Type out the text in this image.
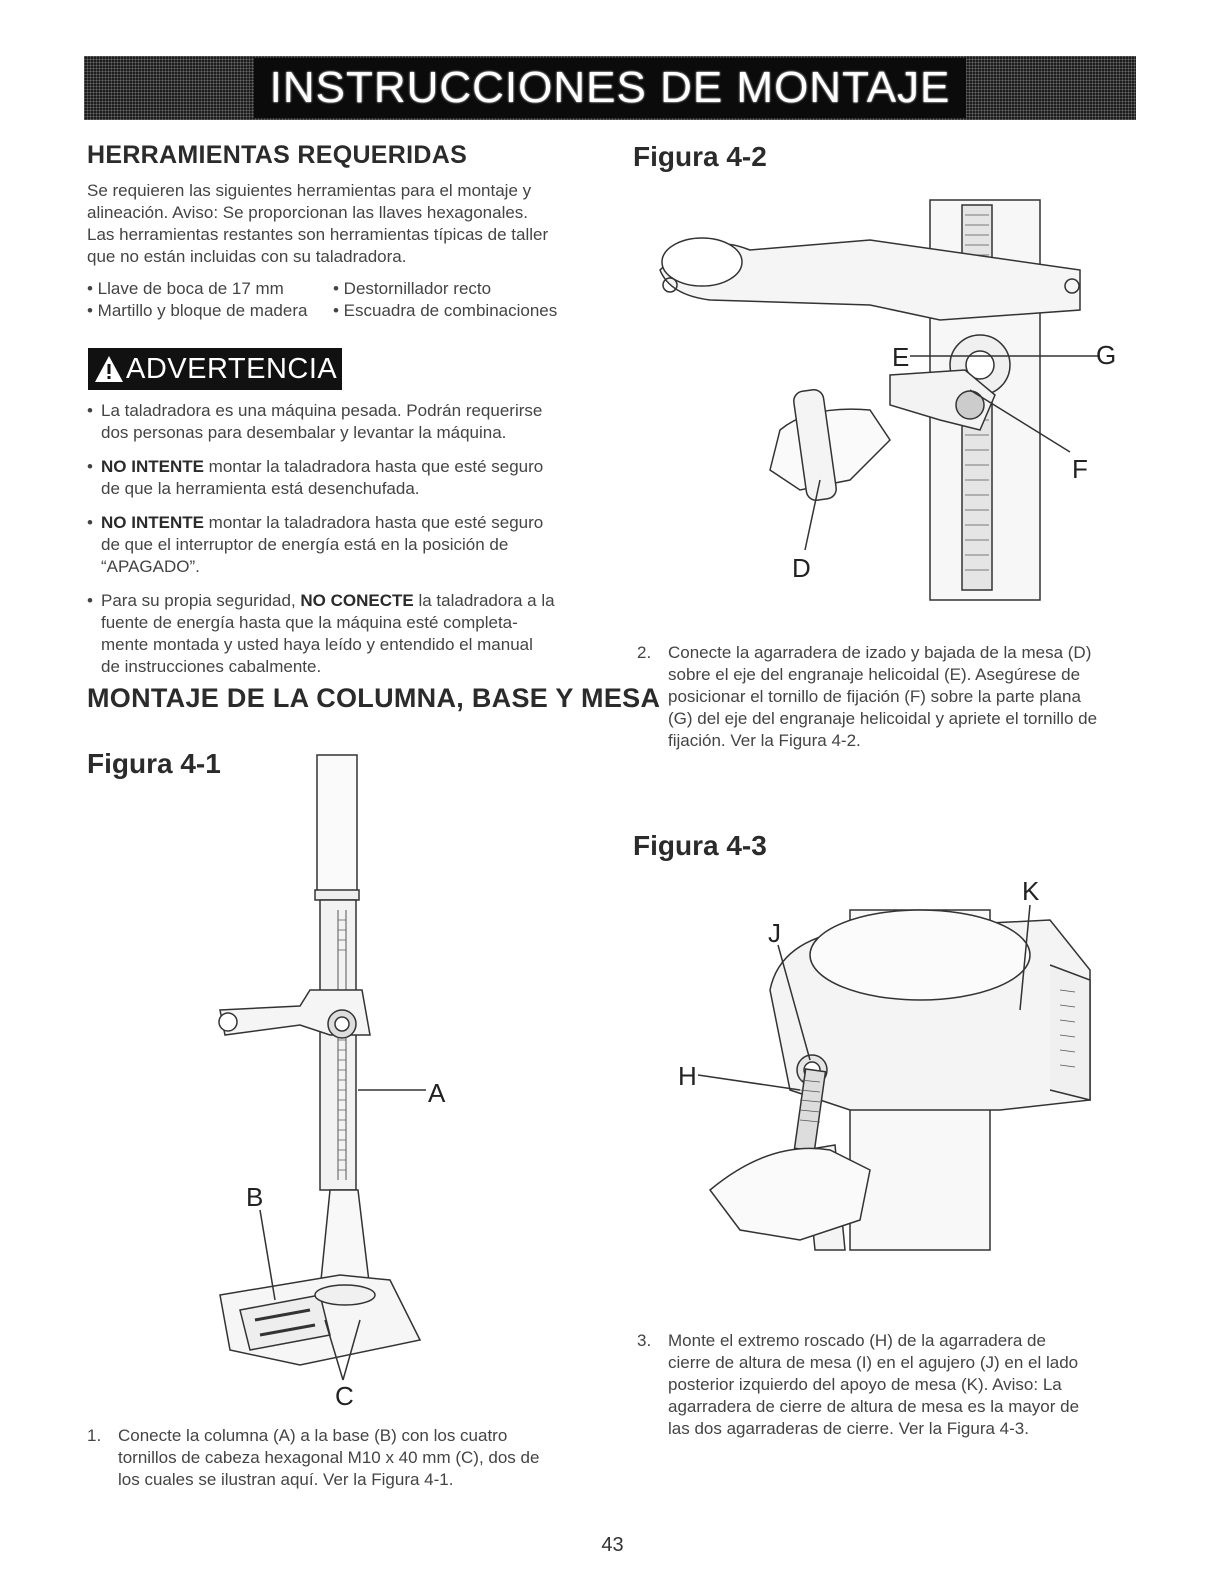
INSTRUCCIONES DE MONTAJE
HERRAMIENTAS REQUERIDAS
Se requieren las siguientes herramientas para el montaje y
alineación. Aviso: Se proporcionan las llaves hexagonales.
Las herramientas restantes son herramientas típicas de taller
que no están incluidas con su taladradora.
• Llave de boca de 17 mm
• Martillo y bloque de madera
• Destornillador recto
• Escuadra de combinaciones
ADVERTENCIA
• La taladradora es una máquina pesada. Podrán requerirse
dos personas para desembalar y levantar la máquina.
• NO INTENTE montar la taladradora hasta que esté seguro
de que la herramienta está desenchufada.
• NO INTENTE montar la taladradora hasta que esté seguro
de que el interruptor de energía está en la posición de
“APAGADO”.
• Para su propia seguridad, NO CONECTE la taladradora a la
fuente de energía hasta que la máquina esté completa-
mente montada y usted haya leído y entendido el manual
de instrucciones cabalmente.
MONTAJE DE LA COLUMNA, BASE Y MESA
Figura 4-1
A
B
C
1. Conecte la columna (A) a la base (B) con los cuatro
tornillos de cabeza hexagonal M10 x 40 mm (C), dos de
los cuales se ilustran aquí. Ver la Figura 4-1.
Figura 4-2
E	G
F
D
2. Conecte la agarradera de izado y bajada de la mesa (D)
sobre el eje del engranaje helicoidal (E). Asegúrese de
posicionar el tornillo de fijación (F) sobre la parte plana
(G) del eje del engranaje helicoidal y apriete el tornillo de
fijación. Ver la Figura 4-2.
Figura 4-3
H
J
K
3. Monte el extremo roscado (H) de la agarradera de
cierre de altura de mesa (I) en el agujero (J) en el lado
posterior izquierdo del apoyo de mesa (K). Aviso: La
agarradera de cierre de altura de mesa es la mayor de
las dos agarraderas de cierre. Ver la Figura 4-3.
43
